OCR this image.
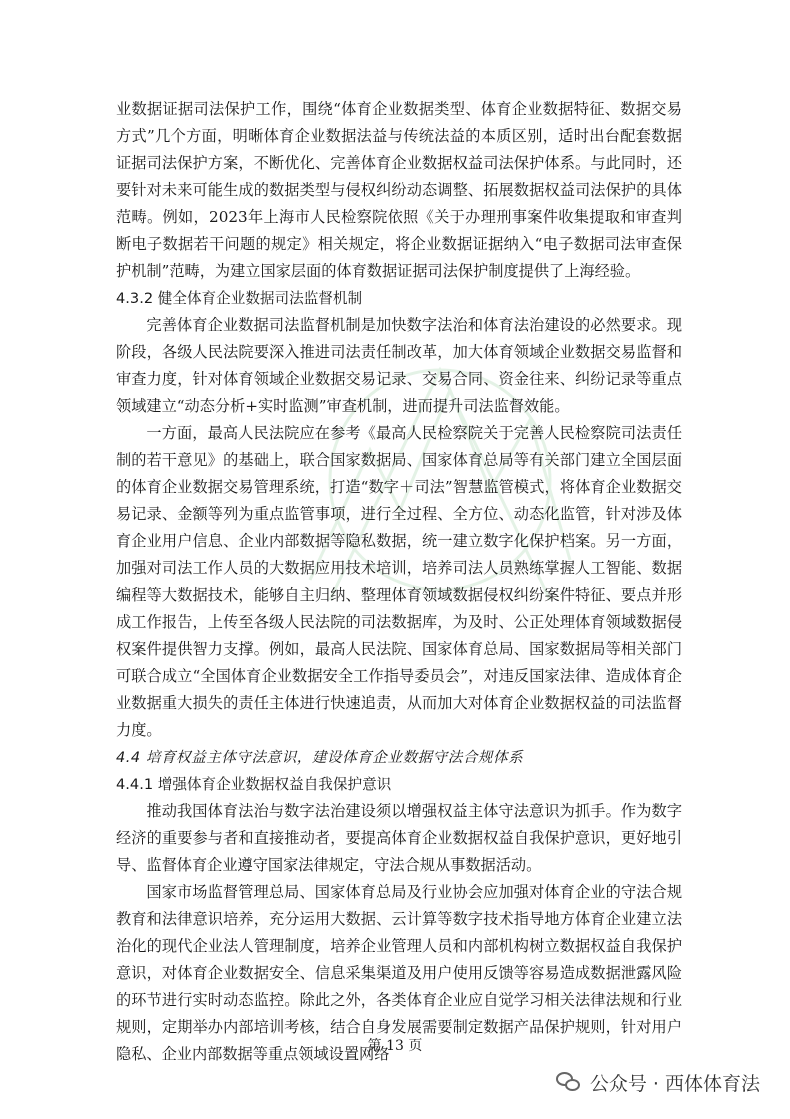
业数据证据司法保护工作，围绕“体育企业数据类型、体育企业数据特征、数据交易方式”几个方面，明晰体育企业数据法益与传统法益的本质区别，适时出台配套数据证据司法保护方案，不断优化、完善体育企业数据权益司法保护体系。与此同时，还要针对未来可能生成的数据类型与侵权纠纷动态调整、拓展数据权益司法保护的具体范畴。例如，2023年上海市人民检察院依照《关于办理刑事案件收集提取和审查判断电子数据若干问题的规定》相关规定，将企业数据证据纳入“电子数据司法审查保护机制”范畴，为建立国家层面的体育数据证据司法保护制度提供了上海经验。

4.3.2 健全体育企业数据司法监督机制

完善体育企业数据司法监督机制是加快数字法治和体育法治建设的必然要求。现阶段，各级人民法院要深入推进司法责任制改革，加大体育领域企业数据交易监督和审查力度，针对体育领域企业数据交易记录、交易合同、资金往来、纠纷记录等重点领域建立“动态分析+实时监测”审查机制，进而提升司法监督效能。

一方面，最高人民法院应在参考《最高人民检察院关于完善人民检察院司法责任制的若干意见》的基础上，联合国家数据局、国家体育总局等有关部门建立全国层面的体育企业数据交易管理系统，打造“数字＋司法”智慧监管模式，将体育企业数据交易记录、金额等列为重点监管事项，进行全过程、全方位、动态化监管，针对涉及体育企业用户信息、企业内部数据等隐私数据，统一建立数字化保护档案。另一方面，加强对司法工作人员的大数据应用技术培训，培养司法人员熟练掌握人工智能、数据编程等大数据技术，能够自主归纳、整理体育领域数据侵权纠纷案件特征、要点并形成工作报告，上传至各级人民法院的司法数据库，为及时、公正处理体育领域数据侵权案件提供智力支撑。例如，最高人民法院、国家体育总局、国家数据局等相关部门可联合成立“全国体育企业数据安全工作指导委员会”，对违反国家法律、造成体育企业数据重大损失的责任主体进行快速追责，从而加大对体育企业数据权益的司法监督力度。

4.4 培育权益主体守法意识，建设体育企业数据守法合规体系

4.4.1 增强体育企业数据权益自我保护意识

推动我国体育法治与数字法治建设须以增强权益主体守法意识为抓手。作为数字经济的重要参与者和直接推动者，要提高体育企业数据权益自我保护意识，更好地引导、监督体育企业遵守国家法律规定，守法合规从事数据活动。

国家市场监督管理总局、国家体育总局及行业协会应加强对体育企业的守法合规教育和法律意识培养，充分运用大数据、云计算等数字技术指导地方体育企业建立法治化的现代企业法人管理制度，培养企业管理人员和内部机构树立数据权益自我保护意识，对体育企业数据安全、信息采集渠道及用户使用反馈等容易造成数据泄露风险的环节进行实时动态监控。除此之外，各类体育企业应自觉学习相关法律法规和行业规则，定期举办内部培训考核，结合自身发展需要制定数据产品保护规则，针对用户隐私、企业内部数据等重点领域设置网络

第 13 页
公众号 · 西体体育法
